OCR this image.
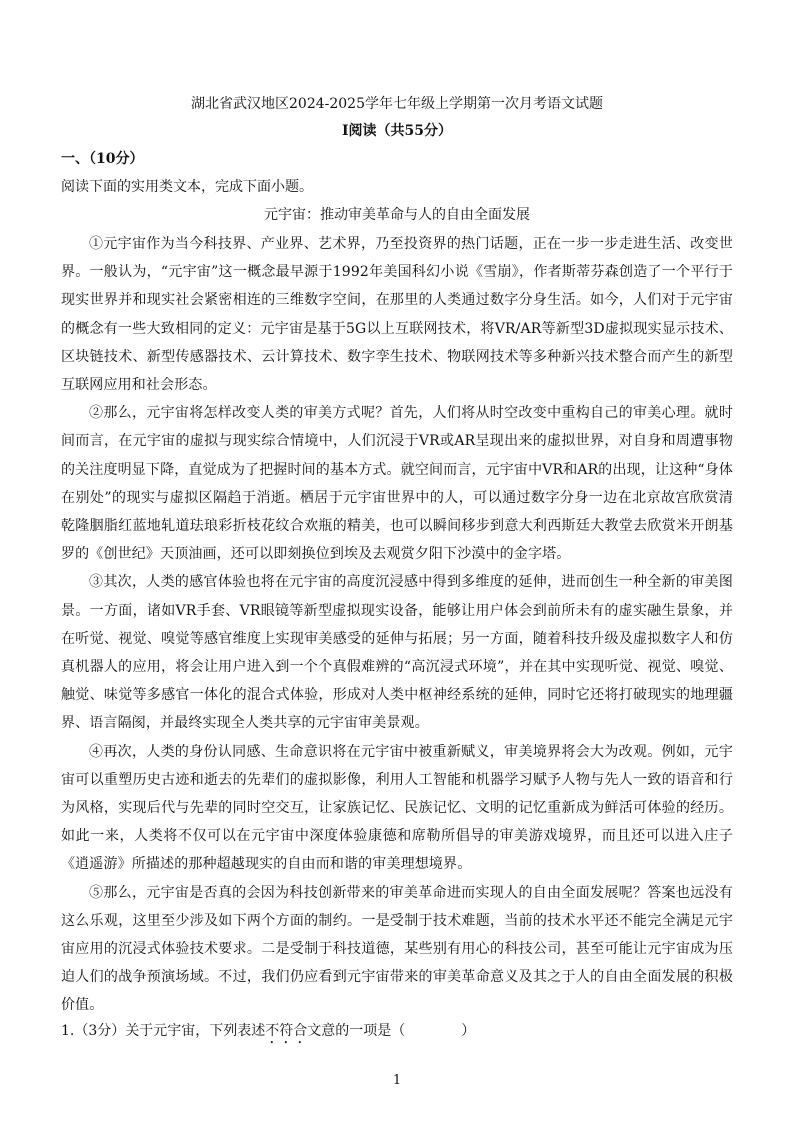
湖北省武汉地区2024-2025学年七年级上学期第一次月考语文试题
Ⅰ阅读（共55分）
一、（10分）
阅读下面的实用类文本，完成下面小题。
元宇宙：推动审美革命与人的自由全面发展

①元宇宙作为当今科技界、产业界、艺术界，乃至投资界的热门话题，正在一步一步走进生活、改变世界。一般认为，“元宇宙”这一概念最早源于1992年美国科幻小说《雪崩》，作者斯蒂芬森创造了一个平行于现实世界并和现实社会紧密相连的三维数字空间，在那里的人类通过数字分身生活。如今，人们对于元宇宙的概念有一些大致相同的定义：元宇宙是基于5G以上互联网技术，将VR/AR等新型3D虚拟现实显示技术、区块链技术、新型传感器技术、云计算技术、数字孪生技术、物联网技术等多种新兴技术整合而产生的新型互联网应用和社会形态。

②那么，元宇宙将怎样改变人类的审美方式呢？首先，人们将从时空改变中重构自己的审美心理。就时间而言，在元宇宙的虚拟与现实综合情境中，人们沉浸于VR或AR呈现出来的虚拟世界，对自身和周遭事物的关注度明显下降，直觉成为了把握时间的基本方式。就空间而言，元宇宙中VR和AR的出现，让这种“身体在别处”的现实与虚拟区隔趋于消逝。栖居于元宇宙世界中的人，可以通过数字分身一边在北京故宫欣赏清乾隆胭脂红蓝地轧道珐琅彩折枝花纹合欢瓶的精美，也可以瞬间移步到意大利西斯廷大教堂去欣赏米开朗基罗的《创世纪》天顶油画，还可以即刻换位到埃及去观赏夕阳下沙漠中的金字塔。

③其次，人类的感官体验也将在元宇宙的高度沉浸感中得到多维度的延伸，进而创生一种全新的审美图景。一方面，诸如VR手套、VR眼镜等新型虚拟现实设备，能够让用户体会到前所未有的虚实融生景象，并在听觉、视觉、嗅觉等感官维度上实现审美感受的延伸与拓展；另一方面，随着科技升级及虚拟数字人和仿真机器人的应用，将会让用户进入到一个个真假难辨的“高沉浸式环境”，并在其中实现听觉、视觉、嗅觉、触觉、味觉等多感官一体化的混合式体验，形成对人类中枢神经系统的延伸，同时它还将打破现实的地理疆界、语言隔阂，并最终实现全人类共享的元宇宙审美景观。

④再次，人类的身份认同感、生命意识将在元宇宙中被重新赋义，审美境界将会大为改观。例如，元宇宙可以重塑历史古迹和逝去的先辈们的虚拟影像，利用人工智能和机器学习赋予人物与先人一致的语音和行为风格，实现后代与先辈的同时空交互，让家族记忆、民族记忆、文明的记忆重新成为鲜活可体验的经历。如此一来，人类将不仅可以在元宇宙中深度体验康德和席勒所倡导的审美游戏境界，而且还可以进入庄子《逍遥游》所描述的那种超越现实的自由而和谐的审美理想境界。

⑤那么，元宇宙是否真的会因为科技创新带来的审美革命进而实现人的自由全面发展呢？答案也远没有这么乐观，这里至少涉及如下两个方面的制约。一是受制于技术难题，当前的技术水平还不能完全满足元宇宙应用的沉浸式体验技术要求。二是受制于科技道德，某些别有用心的科技公司，甚至可能让元宇宙成为压迫人们的战争预演场域。不过，我们仍应看到元宇宙带来的审美革命意义及其之于人的自由全面发展的积极价值。

1.（3分）关于元宇宙，下列表述不符合文意的一项是（	）
1
